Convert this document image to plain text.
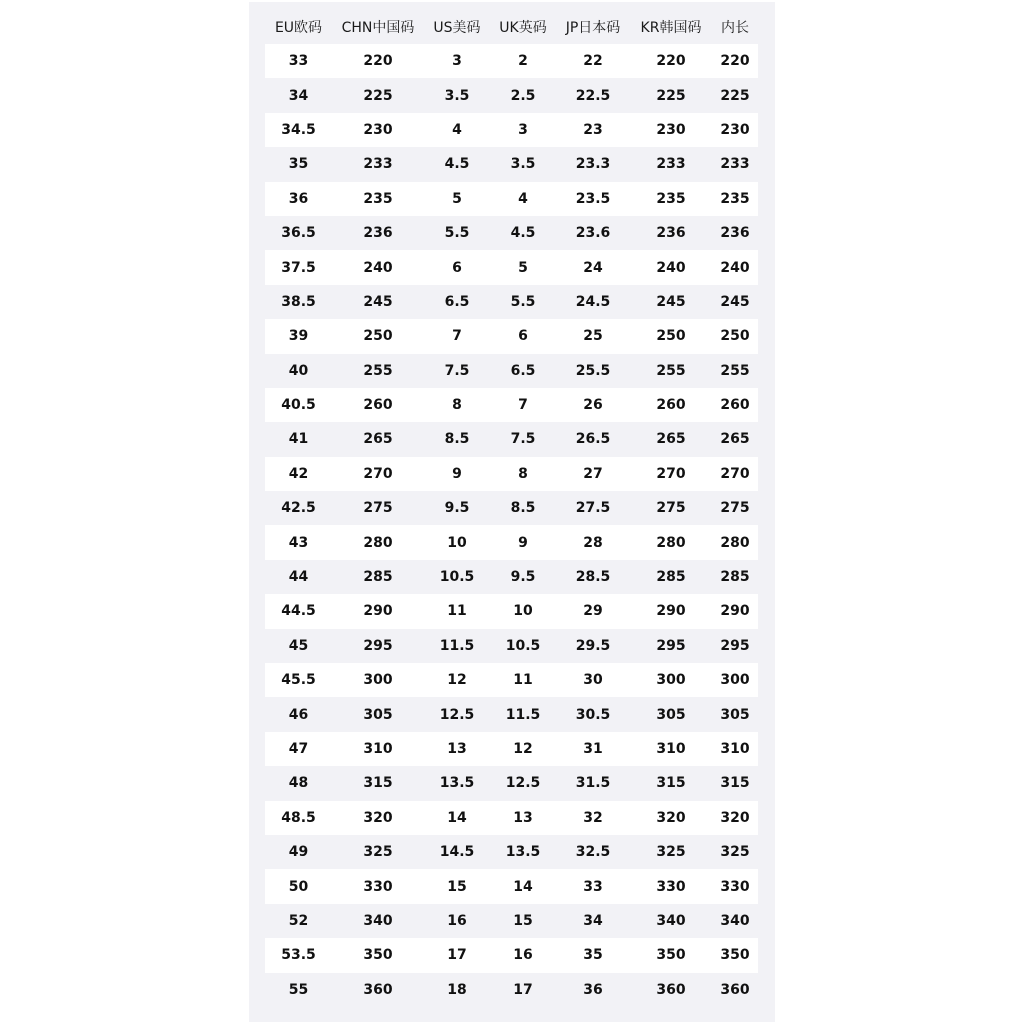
EU欧码	CHN中国码	US美码	UK英码	JP日本码	KR韩国码	内长
33	220	3	2	22	220	220
34	225	3.5	2.5	22.5	225	225
34.5	230	4	3	23	230	230
35	233	4.5	3.5	23.3	233	233
36	235	5	4	23.5	235	235
36.5	236	5.5	4.5	23.6	236	236
37.5	240	6	5	24	240	240
38.5	245	6.5	5.5	24.5	245	245
39	250	7	6	25	250	250
40	255	7.5	6.5	25.5	255	255
40.5	260	8	7	26	260	260
41	265	8.5	7.5	26.5	265	265
42	270	9	8	27	270	270
42.5	275	9.5	8.5	27.5	275	275
43	280	10	9	28	280	280
44	285	10.5	9.5	28.5	285	285
44.5	290	11	10	29	290	290
45	295	11.5	10.5	29.5	295	295
45.5	300	12	11	30	300	300
46	305	12.5	11.5	30.5	305	305
47	310	13	12	31	310	310
48	315	13.5	12.5	31.5	315	315
48.5	320	14	13	32	320	320
49	325	14.5	13.5	32.5	325	325
50	330	15	14	33	330	330
52	340	16	15	34	340	340
53.5	350	17	16	35	350	350
55	360	18	17	36	360	360
